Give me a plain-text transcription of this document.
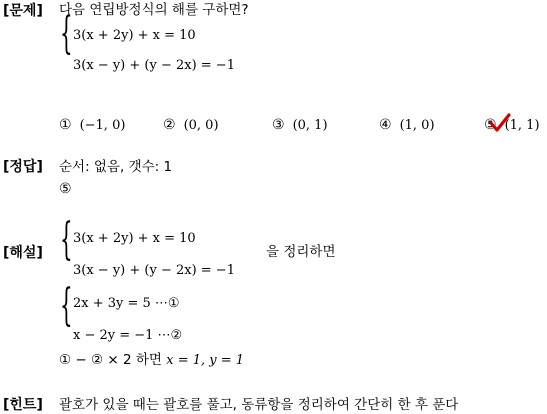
[문제] 다음 연립방정식의 해를 구하면?
{ 3(x + 2y) + x = 10
3(x − y) + (y − 2x) = −1
① (−1, 0)	② (0, 0)	③ (0, 1)	④ (1, 0)	⑤ (1, 1)
[정답] 순서: 없음, 갯수: 1
⑤
[해설] { 3(x + 2y) + x = 10
3(x − y) + (y − 2x) = −1
을 정리하면
{ 2x + 3y = 5 ⋯①
x − 2y = −1 ⋯②
① − ② × 2 하면 x = 1, y = 1
[힌트] 괄호가 있을 때는 괄호를 풀고, 동류항을 정리하여 간단히 한 후 푼다
